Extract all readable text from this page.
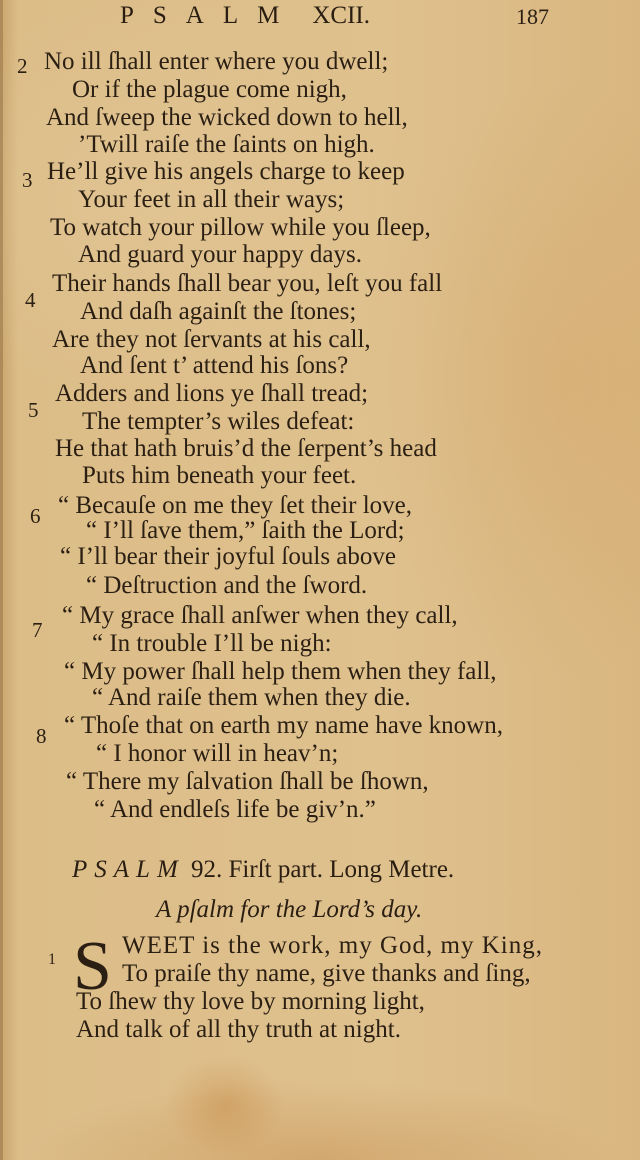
PSALM XCII.	187
2 No ill ſhall enter where you dwell;
Or if the plague come nigh,
And ſweep the wicked down to hell,
’Twill raiſe the ſaints on high.
3 He’ll give his angels charge to keep
Your feet in all their ways;
To watch your pillow while you ſleep,
And guard your happy days.
4
Their hands ſhall bear you, leſt you fall
And daſh againſt the ſtones;
Are they not ſervants at his call,
And ſent t’ attend his ſons?
5
Adders and lions ye ſhall tread;
The tempter’s wiles defeat:
He that hath bruis’d the ſerpent’s head
Puts him beneath your feet.
6 “ Becauſe on me they ſet their love,
“ I’ll ſave them,” ſaith the Lord;
“ I’ll bear their joyful ſouls above
“ Deſtruction and the ſword.
7
“ My grace ſhall anſwer when they call,
“ In trouble I’ll be nigh:
“ My power ſhall help them when they fall,
“ And raiſe them when they die.
8 “ Thoſe that on earth my name have known,
“ I honor will in heav’n;
“ There my ſalvation ſhall be ſhown,
“ And endleſs life be giv’n.”
PSALM 92. Firſt part. Long Metre.
A pſalm for the Lord’s day.
1 S WEET is the work, my God, my King,
To praiſe thy name, give thanks and ſing,
To ſhew thy love by morning light,
And talk of all thy truth at night.
